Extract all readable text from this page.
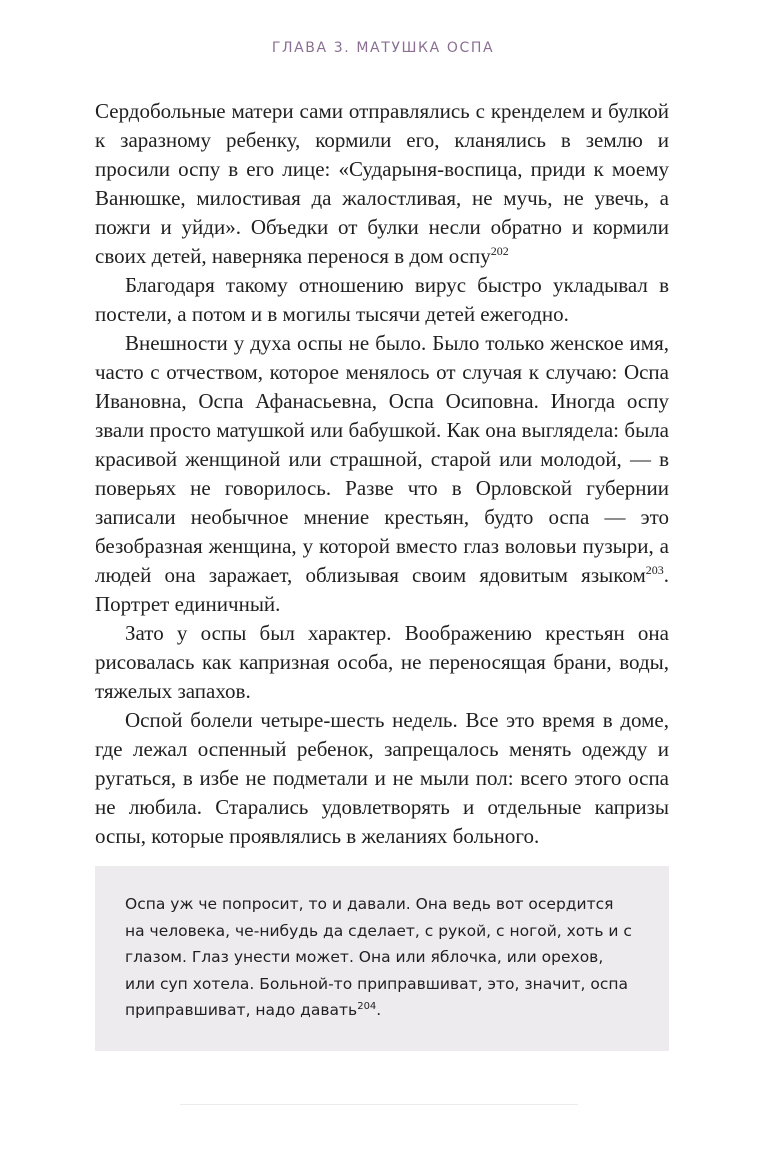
ГЛАВА 3. МАТУШКА ОСПА

Сердобольные матери сами отправлялись с кренделем и булкой к заразному ребенку, кормили его, кланялись в землю и просили оспу в его лице: «Сударыня-воспица, приди к моему Ванюшке, милостивая да жалостливая, не мучь, не увечь, а пожги и уйди». Объедки от булки несли обратно и кормили своих детей, наверняка перенося в дом оспу$^{202}$

Благодаря такому отношению вирус быстро укладывал в постели, а потом и в могилы тысячи детей ежегодно.

Внешности у духа оспы не было. Было только женское имя, часто с отчеством, которое менялось от случая к случаю: Оспа Ивановна, Оспа Афанасьевна, Оспа Осиповна. Иногда оспу звали просто матушкой или бабушкой. Как она выглядела: была красивой женщиной или страшной, старой или молодой, — в поверьях не говорилось. Разве что в Орловской губернии записали необычное мнение крестьян, будто оспа — это безобразная женщина, у которой вместо глаз воловьи пузыри, а людей она заражает, облизывая своим ядовитым языком$^{203}$. Портрет единичный.

Зато у оспы был характер. Воображению крестьян она рисовалась как капризная особа, не переносящая брани, воды, тяжелых запахов.

Оспой болели четыре-шесть недель. Все это время в доме, где лежал оспенный ребенок, запрещалось менять одежду и ругаться, в избе не подметали и не мыли пол: всего этого оспа не любила. Старались удовлетворять и отдельные капризы оспы, которые проявлялись в желаниях больного.

Оспа уж че попросит, то и давали. Она ведь вот осердится на человека, че-нибудь да сделает, с рукой, с ногой, хоть и с глазом. Глаз унести может. Она или яблочка, или орехов, или суп хотела. Больной-то приправшиват, это, значит, оспа приправшиват, надо давать$^{204}$.
